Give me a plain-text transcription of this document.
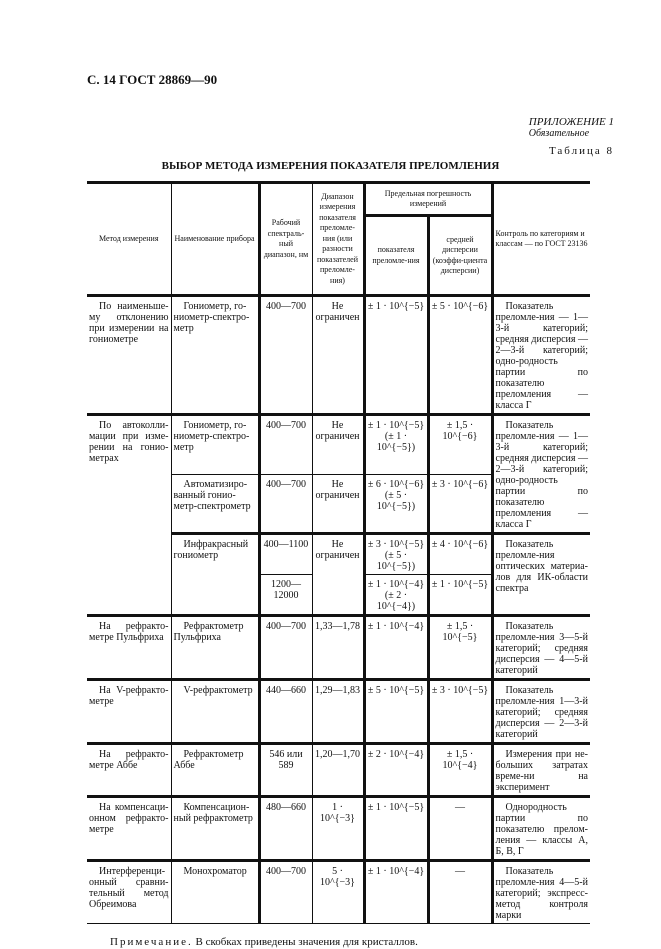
С. 14 ГОСТ 28869—90
ПРИЛОЖЕНИЕ 1
Обязательное
Таблица 8
ВЫБОР МЕТОДА ИЗМЕРЕНИЯ ПОКАЗАТЕЛЯ ПРЕЛОМЛЕНИЯ
Метод измерения	Наименование прибора	Рабочий спектраль-ный диапазон, нм	Диапазон измерения показателя преломле-ния (или разности показателей преломле-ния)	Предельная погрешность измерений		Контроль по категориям и классам — по ГОСТ 23136
				показателя преломле-ния	средней дисперсии (коэффи-циента дисперсии)	
По наименьше-му отклонению при измерении на гониометре	Гониометр, го-ниометр-спектро-метр	400—700	Не ограничен	± 1 · 10^{−5}	± 5 · 10^{−6}	Показатель преломле-ния — 1—3-й категорий; средняя дисперсия — 2—3-й категорий; одно-родность партии по показателю преломления — класса Г
По автоколли-мации при изме-рении на гонио-метрах	Гониометр, го-ниометр-спектро-метр	400—700	Не ограничен	± 1 · 10^{−5} (± 1 · 10^{−5})	± 1,5 · 10^{−6}	Показатель преломле-ния — 1—3-й категорий; средняя дисперсия — 2—3-й категорий; одно-родность партии по показателю преломления — класса Г
	Автоматизиро-ванный гонио-метр-спектрометр	400—700	Не ограничен	± 6 · 10^{−6} (± 5 · 10^{−5})	± 3 · 10^{−6}	
	Инфракрасный гониометр	400—1100	Не ограничен	± 3 · 10^{−5} (± 5 · 10^{−5})	± 4 · 10^{−6}	Показатель преломле-ния оптических материа-лов для ИК-области спектра
		1200—12000		± 1 · 10^{−4} (± 2 · 10^{−4})	± 1 · 10^{−5}	
На рефракто-метре Пульфриха	Рефрактометр Пульфриха	400—700	1,33—1,78	± 1 · 10^{−4}	± 1,5 · 10^{−5}	Показатель преломле-ния 3—5-й категорий; средняя дисперсия — 4—5-й категорий
На V-рефракто-метре	V-рефрактометр	440—660	1,29—1,83	± 5 · 10^{−5}	± 3 · 10^{−5}	Показатель преломле-ния 1—3-й категорий; средняя дисперсия — 2—3-й категорий
На рефракто-метре Аббе	Рефрактометр Аббе	546 или 589	1,20—1,70	± 2 · 10^{−4}	± 1,5 · 10^{−4}	Измерения при не-больших затратах време-ни на эксперимент
На компенсаци-онном рефракто-метре	Компенсацион-ный рефрактометр	480—660	1 · 10^{−3}	± 1 · 10^{−5}	—	Однородность партии по показателю прелом-ления — классы А, Б, В, Г
Интерференци-онный сравни-тельный метод Обреимова	Монохроматор	400—700	5 · 10^{−3}	± 1 · 10^{−4}	—	Показатель преломле-ния 4—5-й категорий; экспресс-метод контроля марки
Примечание. В скобках приведены значения для кристаллов.
